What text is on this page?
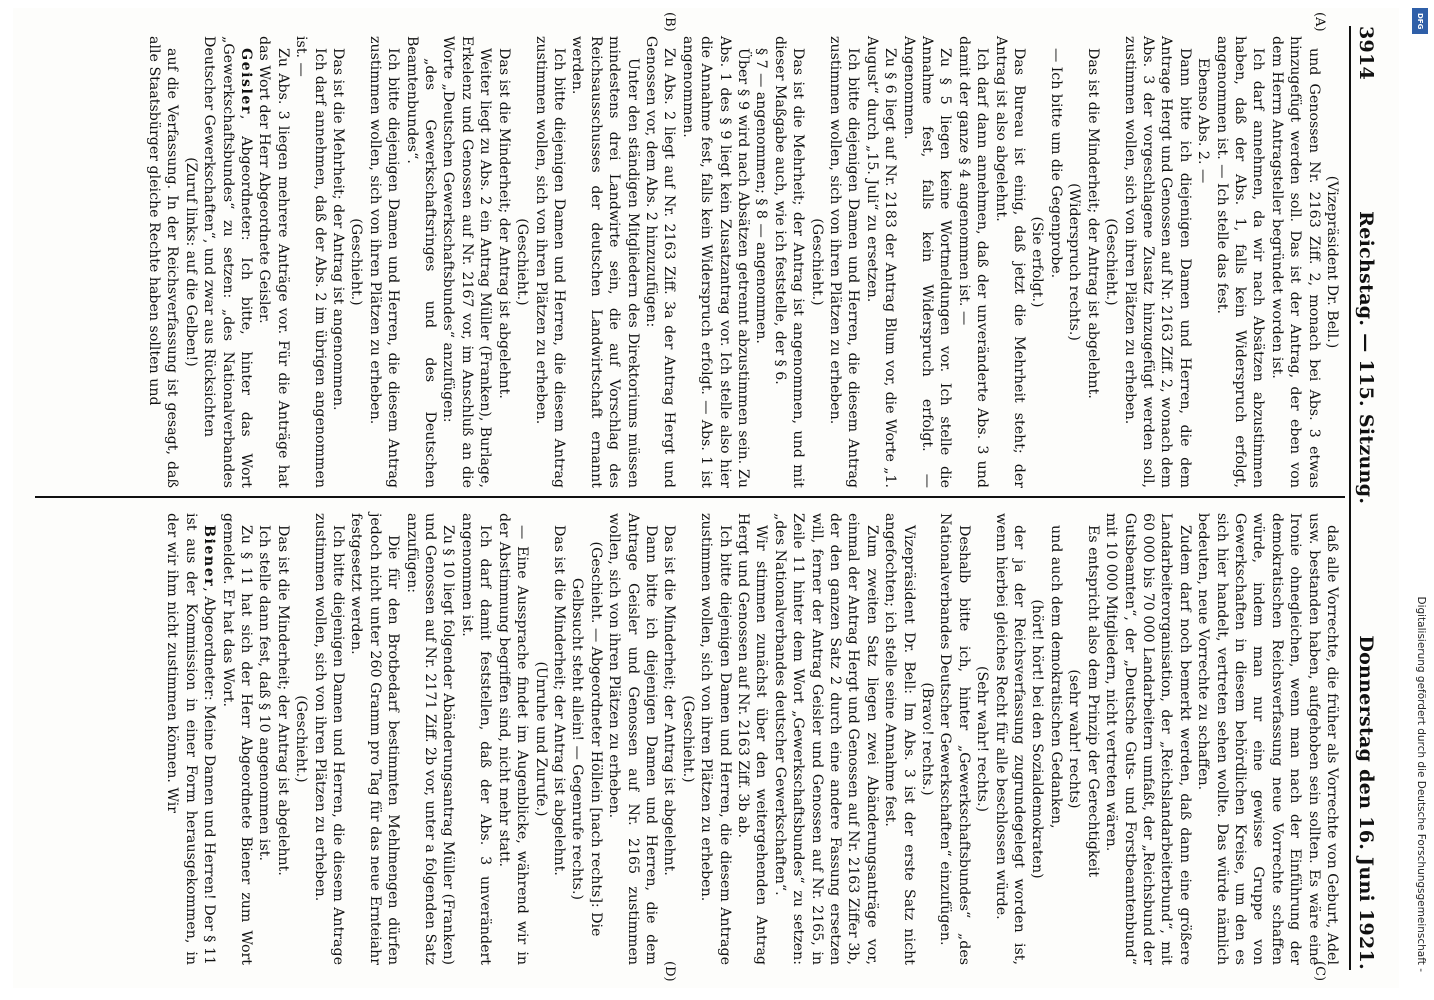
3914
Reichstag. — 115. Sitzung.
Donnerstag den 16. Juni 1921.
(A)
(B)
(C)
(D)

(Vizepräsident Dr. Bell.)

und Genossen Nr. 2163 Ziff. 2, monach bei Abs. 3 etwas hinzugefügt werden soll. Das ist der Antrag, der eben von dem Herrn Antragsteller begründet worden ist.

Ich darf annehmen, da wir nach Absätzen abzustimmen haben, daß der Abs. 1, falls kein Widerspruch erfolgt, angenommen ist. — Ich stelle das fest.

Ebenso Abs. 2. —

Dann bitte ich diejenigen Damen und Herren, die dem Antrage Hergt und Genossen auf Nr. 2163 Ziff. 2, wonach dem Abs. 3 der vorgeschlagene Zusatz hinzugefügt werden soll, zustimmen wollen, sich von ihren Plätzen zu erheben.

(Geschieht.)

Das ist die Minderheit; der Antrag ist abgelehnt.

(Widerspruch rechts.)

— Ich bitte um die Gegenprobe.

(Sie erfolgt.)

Das Bureau ist einig, daß jetzt die Mehrheit steht; der Antrag ist also abgelehnt.

Ich darf dann annehmen, daß der unveränderte Abs. 3 und damit der ganze § 4 angenommen ist. —

Zu § 5 liegen keine Wortmeldungen vor. Ich stelle die Annahme fest, falls kein Widerspruch erfolgt. — Angenommen.

Zu § 6 liegt auf Nr. 2183 der Antrag Blum vor, die Worte „1. August“ durch „15. Juli“ zu ersetzen.

Ich bitte diejenigen Damen und Herren, die diesem Antrag zustimmen wollen, sich von ihren Plätzen zu erheben.

(Geschieht.)

Das ist die Mehrheit; der Antrag ist angenommen, und mit dieser Maßgabe auch, wie ich feststelle, der § 6.

§ 7 — angenommen; § 8 — angenommen.

Über § 9 wird nach Absätzen getrennt abzustimmen sein. Zu Abs. 1 des § 9 liegt kein Zusatzantrag vor. Ich stelle also hier die Annahme fest, falls kein Widerspruch erfolgt. — Abs. 1 ist angenommen.

Zu Abs. 2 liegt auf Nr. 2163 Ziff. 3a der Antrag Hergt und Genossen vor, dem Abs. 2 hinzuzufügen:

Unter den ständigen Mitgliedern des Direktoriums müssen mindestens drei Landwirte sein, die auf Vorschlag des Reichsausschusses der deutschen Landwirtschaft ernannt werden.

Ich bitte diejenigen Damen und Herren, die diesem Antrag zustimmen wollen, sich von ihren Plätzen zu erheben.

(Geschieht.)

Das ist die Minderheit; der Antrag ist abgelehnt.

Weiter liegt zu Abs. 2 ein Antrag Müller (Franken), Burlage, Erkelenz und Genossen auf Nr. 2167 vor, im Anschluß an die Worte „Deutschen Gewerkschaftsbundes“ anzufügen:

„des Gewerkschaftsringes und des Deutschen Beamtenbundes“.

Ich bitte diejenigen Damen und Herren, die diesem Antrag zustimmen wollen, sich von ihren Plätzen zu erheben.

(Geschieht.)

Das ist die Mehrheit; der Antrag ist angenommen.

Ich darf annehmen, daß der Abs. 2 im übrigen angenommen ist. —

Zu Abs. 3 liegen mehrere Anträge vor. Für die Anträge hat das Wort der Herr Abgeordnete Geisler.

Geisler, Abgeordneter: Ich bitte, hinter das Wort „Gewerkschaftsbundes“ zu setzen: „des Nationalverbandes Deutscher Gewerkschaften“, und zwar aus Rücksichten

(Zuruf links: auf die Gelben!)

auf die Verfassung. In der Reichsverfassung ist gesagt, daß alle Staatsbürger gleiche Rechte haben sollten und

daß alle Vorrechte, die früher als Vorrechte von Geburt, Adel usw. bestanden haben, aufgehoben sein sollten. Es wäre eine Ironie ohnegleichen, wenn man nach der Einführung der demokratischen Reichsverfassung neue Vorrechte schaffen würde, indem man nur eine gewisse Gruppe von Gewerkschaften in diesem behördlichen Kreise, um den es sich hier handelt, vertreten sehen wollte. Das würde nämlich bedeuten, neue Vorrechte zu schaffen.

Zudem darf noch bemerkt werden, daß dann eine größere Landarbeiterorganisation, der „Reichslandarbeiterbund“, mit 60 000 bis 70 000 Landarbeitern umfaßt, der „Reichsbund der Gutsbeamten“, der „Deutsche Guts- und Forstbeamtenbund“ mit 10 000 Mitgliedern, nicht vertreten wären.

Es entspricht also dem Prinzip der Gerechtigkeit

(sehr wahr! rechts)

und auch dem demokratischen Gedanken,

(hört! hört! bei den Sozialdemokraten)

der ja der Reichsverfassung zugrundegelegt worden ist, wenn hierbei gleiches Recht für alle beschlossen würde.

(Sehr wahr! rechts.)

Deshalb bitte ich, hinter „Gewerkschaftsbundes“ „des Nationalverbandes Deutscher Gewerkschaften“ einzufügen.

(Bravo! rechts.)

Vizepräsident Dr. Bell: Im Abs. 3 ist der erste Satz nicht angefochten; ich stelle seine Annahme fest.

Zum zweiten Satz liegen zwei Abänderungsanträge vor, einmal der Antrag Hergt und Genossen auf Nr. 2163 Ziffer 3b, der den ganzen Satz 2 durch eine andere Fassung ersetzen will, ferner der Antrag Geisler und Genossen auf Nr. 2165, in Zeile 11 hinter dem Wort „Gewerkschaftsbundes“ zu setzen: „des Nationalverbandes deutscher Gewerkschaften“.

Wir stimmen zunächst über den weitergehenden Antrag Hergt und Genossen auf Nr. 2163 Ziff. 3b ab.

Ich bitte diejenigen Damen und Herren, die diesem Antrage zustimmen wollen, sich von ihren Plätzen zu erheben.

(Geschieht.)

Das ist die Minderheit; der Antrag ist abgelehnt.

Dann bitte ich diejenigen Damen und Herren, die dem Antrage Geisler und Genossen auf Nr. 2165 zustimmen wollen, sich von ihren Plätzen zu erheben.

(Geschieht. — Abgeordneter Höllein [nach rechts]: Die Gelbsucht steht allein! — Gegenrufe rechts.)

Das ist die Minderheit; der Antrag ist abgelehnt.

(Unruhe und Zurufe.)

— Eine Aussprache findet im Augenblicke, während wir in der Abstimmung begriffen sind, nicht mehr statt.

Ich darf damit feststellen, daß der Abs. 3 unverändert angenommen ist.

Zu § 10 liegt folgender Abänderungsantrag Müller (Franken) und Genossen auf Nr. 2171 Ziff. 2b vor, unter a folgenden Satz anzufügen:

Die für den Brotbedarf bestimmten Mehlmengen dürfen jedoch nicht unter 260 Gramm pro Tag für das neue Ernteiahr festgesetzt werden.

Ich bitte diejenigen Damen und Herren, die diesem Antrage zustimmen wollen, sich von ihren Plätzen zu erheben.

(Geschieht.)

Das ist die Minderheit; der Antrag ist abgelehnt.

Ich stelle dann fest, daß § 10 angenommen ist.

Zu § 11 hat sich der Herr Abgeordnete Biener zum Wort gemeldet. Er hat das Wort.

Biener, Abgeordneter: Meine Damen und Herren! Der § 11 ist aus der Kommission in einer Form herausgekommen, in der wir ihm nicht zustimmen können. Wir	Digitalisierung gefördert durch die Deutsche Forschungsgemeinschaft -
DFG
